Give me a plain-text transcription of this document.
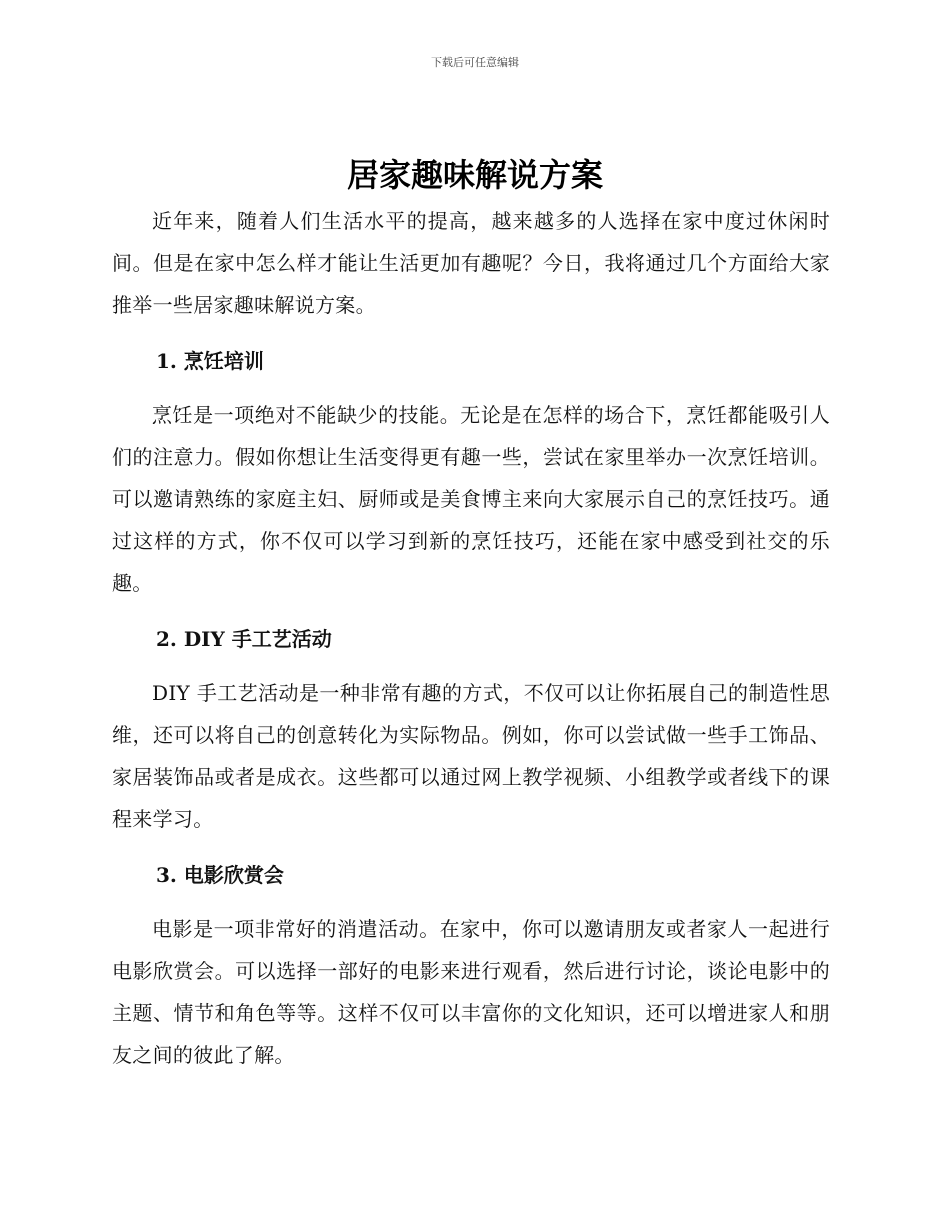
下载后可任意编辑
居家趣味解说方案

近年来，随着人们生活水平的提高，越来越多的人选择在家中度过休闲时间。但是在家中怎么样才能让生活更加有趣呢？今日，我将通过几个方面给大家推举一些居家趣味解说方案。

1. 烹饪培训

烹饪是一项绝对不能缺少的技能。无论是在怎样的场合下，烹饪都能吸引人们的注意力。假如你想让生活变得更有趣一些，尝试在家里举办一次烹饪培训。可以邀请熟练的家庭主妇、厨师或是美食博主来向大家展示自己的烹饪技巧。通过这样的方式，你不仅可以学习到新的烹饪技巧，还能在家中感受到社交的乐趣。

2. DIY 手工艺活动

DIY 手工艺活动是一种非常有趣的方式，不仅可以让你拓展自己的制造性思维，还可以将自己的创意转化为实际物品。例如，你可以尝试做一些手工饰品、家居装饰品或者是成衣。这些都可以通过网上教学视频、小组教学或者线下的课程来学习。

3. 电影欣赏会

电影是一项非常好的消遣活动。在家中，你可以邀请朋友或者家人一起进行电影欣赏会。可以选择一部好的电影来进行观看，然后进行讨论，谈论电影中的主题、情节和角色等等。这样不仅可以丰富你的文化知识，还可以增进家人和朋友之间的彼此了解。
